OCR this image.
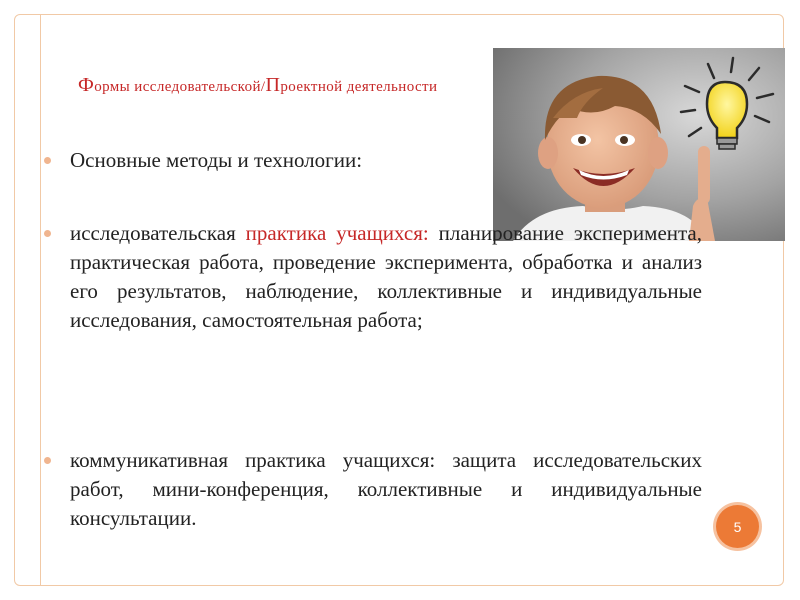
Формы исследовательской/Проектной деятельности

Основные методы и технологии:

исследовательская практика учащихся: планирование эксперимента, практическая работа, проведение эксперимента, обработка и анализ его результатов, наблюдение, коллективные и индивидуальные исследования, самостоятельная работа;

коммуникативная практика учащихся: защита исследовательских работ, мини-конференция, коллективные и индивидуальные консультации.	5
